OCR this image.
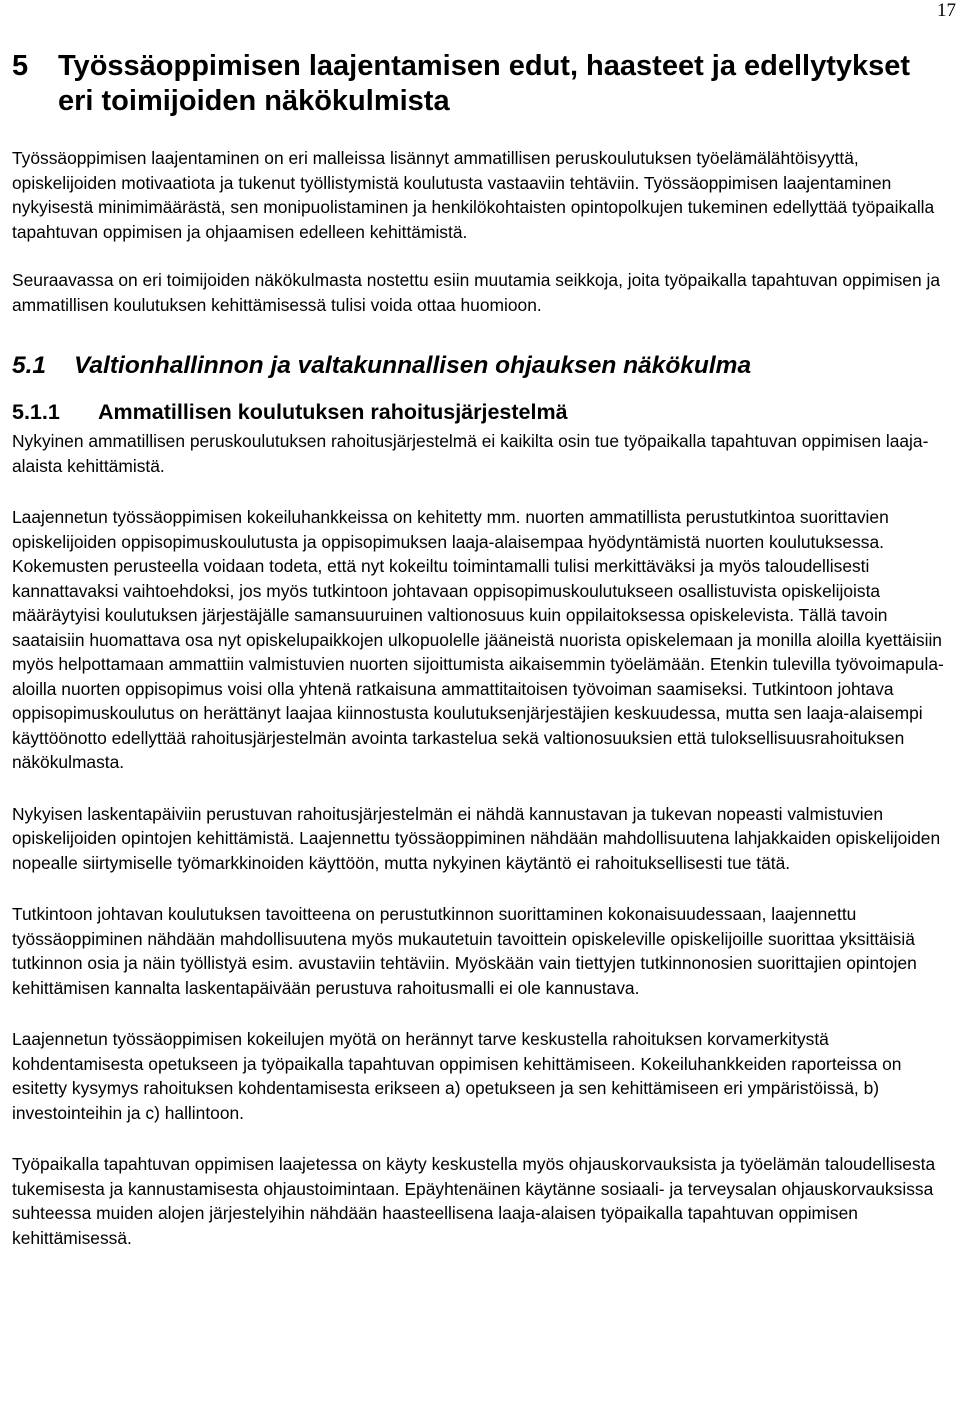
17
5	Työssäoppimisen laajentamisen edut, haasteet ja edellytykset eri toimijoiden näkökulmista

Työssäoppimisen laajentaminen on eri malleissa lisännyt ammatillisen peruskoulutuksen työelämälähtöisyyttä, opiskelijoiden motivaatiota ja tukenut työllistymistä koulutusta vastaaviin tehtäviin. Työssäoppimisen laajentaminen nykyisestä minimimäärästä, sen monipuolistaminen ja henkilökohtaisten opintopolkujen tukeminen edellyttää työpaikalla tapahtuvan oppimisen ja ohjaamisen edelleen kehittämistä.

Seuraavassa on eri toimijoiden näkökulmasta nostettu esiin muutamia seikkoja, joita työpaikalla tapahtuvan oppimisen ja ammatillisen koulutuksen kehittämisessä tulisi voida ottaa huomioon.

5.1	Valtionhallinnon ja valtakunnallisen ohjauksen näkökulma
5.1.1	Ammatillisen koulutuksen rahoitusjärjestelmä

Nykyinen ammatillisen peruskoulutuksen rahoitusjärjestelmä ei kaikilta osin tue työpaikalla tapahtuvan oppimisen laaja-alaista kehittämistä.

Laajennetun työssäoppimisen kokeiluhankkeissa on kehitetty mm. nuorten ammatillista perustutkintoa suorittavien opiskelijoiden oppisopimuskoulutusta ja oppisopimuksen laaja-alaisempaa hyödyntämistä nuorten koulutuksessa. Kokemusten perusteella voidaan todeta, että nyt kokeiltu toimintamalli tulisi merkittäväksi ja myös taloudellisesti kannattavaksi vaihtoehdoksi, jos myös tutkintoon johtavaan oppisopimuskoulutukseen osallistuvista opiskelijoista määräytyisi koulutuksen järjestäjälle samansuuruinen valtionosuus kuin oppilaitoksessa opiskelevista. Tällä tavoin saataisiin huomattava osa nyt opiskelupaikkojen ulkopuolelle jääneistä nuorista opiskelemaan ja monilla aloilla kyettäisiin myös helpottamaan ammattiin valmistuvien nuorten sijoittumista aikaisemmin työelämään. Etenkin tulevilla työvoimapula-aloilla nuorten oppisopimus voisi olla yhtenä ratkaisuna ammattitaitoisen työvoiman saamiseksi. Tutkintoon johtava oppisopimuskoulutus on herättänyt laajaa kiinnostusta koulutuksenjärjestäjien keskuudessa, mutta sen laaja-alaisempi käyttöönotto edellyttää rahoitusjärjestelmän avointa tarkastelua sekä valtionosuuksien että tuloksellisuusrahoituksen näkökulmasta.

Nykyisen laskentapäiviin perustuvan rahoitusjärjestelmän ei nähdä kannustavan ja tukevan nopeasti valmistuvien opiskelijoiden opintojen kehittämistä. Laajennettu työssäoppiminen nähdään mahdollisuutena lahjakkaiden opiskelijoiden nopealle siirtymiselle työmarkkinoiden käyttöön, mutta nykyinen käytäntö ei rahoituksellisesti tue tätä.

Tutkintoon johtavan koulutuksen tavoitteena on perustutkinnon suorittaminen kokonaisuudessaan, laajennettu työssäoppiminen nähdään mahdollisuutena myös mukautetuin tavoittein opiskeleville opiskelijoille suorittaa yksittäisiä tutkinnon osia ja näin työllistyä esim. avustaviin tehtäviin. Myöskään vain tiettyjen tutkinnonosien suorittajien opintojen kehittämisen kannalta laskentapäivään perustuva rahoitusmalli ei ole kannustava.

Laajennetun työssäoppimisen kokeilujen myötä on herännyt tarve keskustella rahoituksen korvamerkitystä kohdentamisesta opetukseen ja työpaikalla tapahtuvan oppimisen kehittämiseen. Kokeiluhankkeiden raporteissa on esitetty kysymys rahoituksen kohdentamisesta erikseen a) opetukseen ja sen kehittämiseen eri ympäristöissä, b) investointeihin ja c) hallintoon.

Työpaikalla tapahtuvan oppimisen laajetessa on käyty keskustella myös ohjauskorvauksista ja työelämän taloudellisesta tukemisesta ja kannustamisesta ohjaustoimintaan. Epäyhtenäinen käytänne sosiaali- ja terveysalan ohjauskorvauksissa suhteessa muiden alojen järjestelyihin nähdään haasteellisena laaja-alaisen työpaikalla tapahtuvan oppimisen kehittämisessä.
